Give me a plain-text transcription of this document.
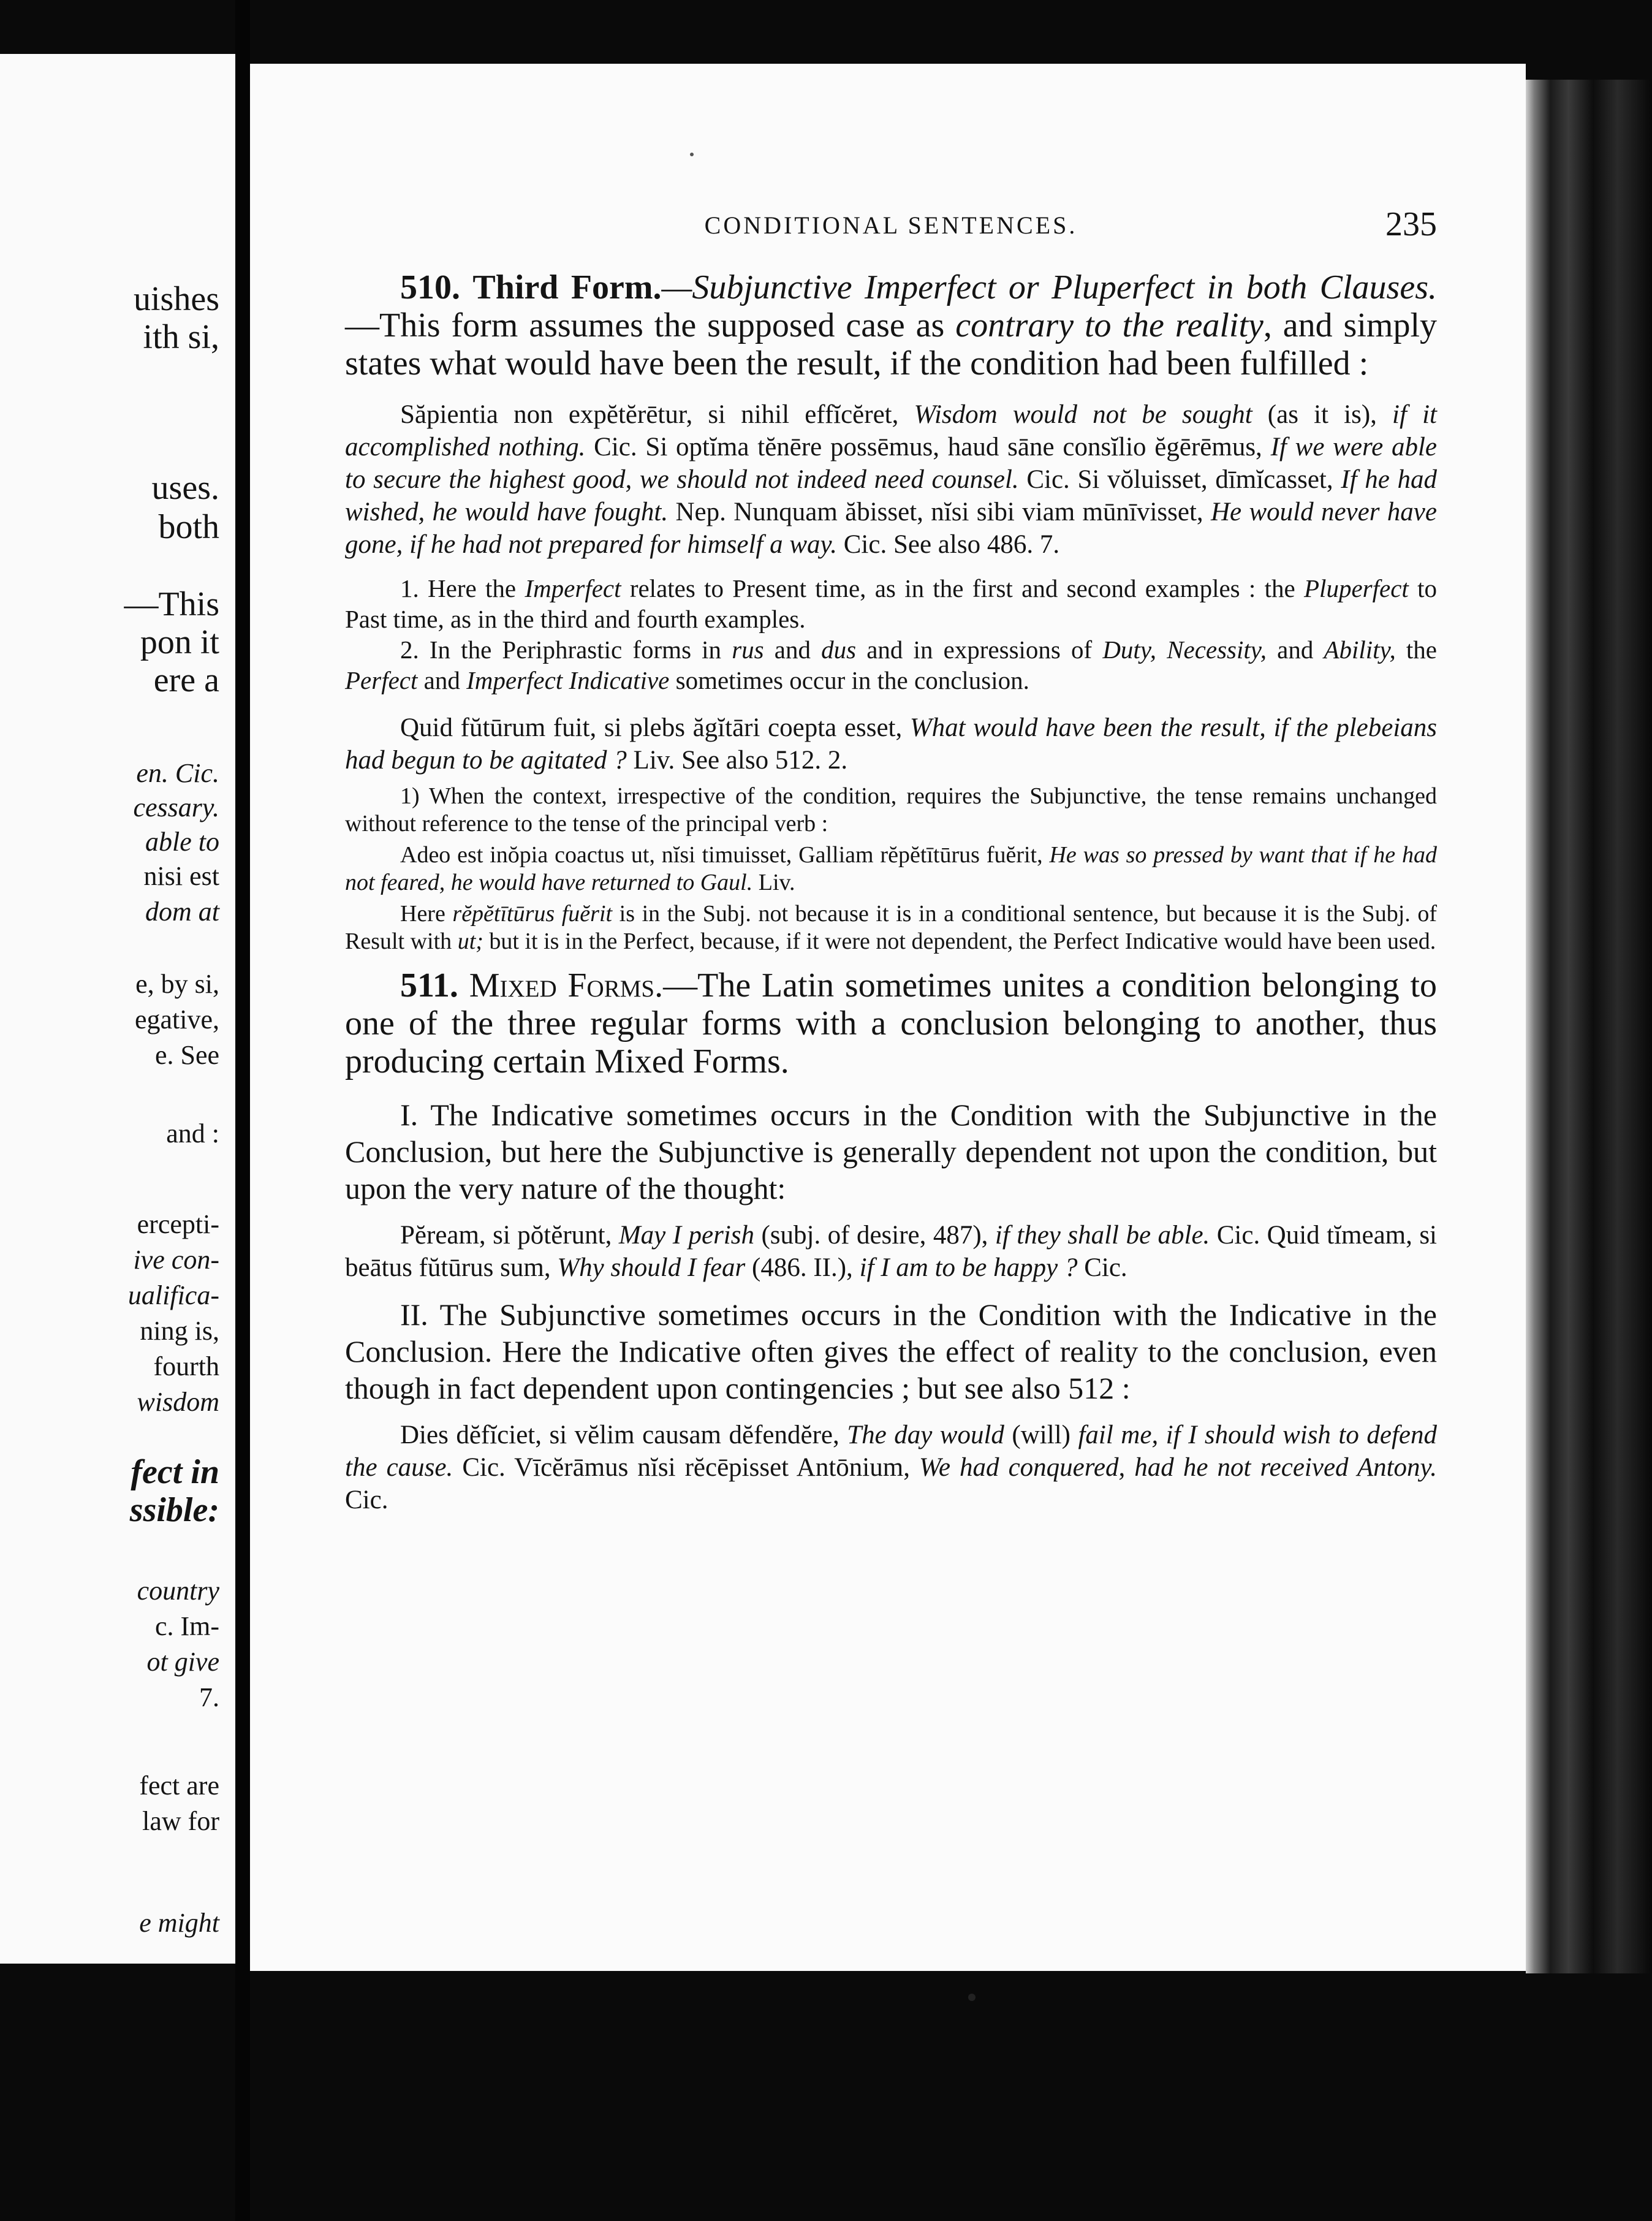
uishes
ith si,
uses.
both
—This
pon it
ere a
en. Cic.
cessary.
able to
nisi est
dom at
e, by si,
egative,
e. See
and :
ercepti-
ive con-
ualifica-
ning is,
fourth
wisdom
fect in
ssible:
country
c. Im-
ot give
7.
fect are
law for
e might
CONDITIONAL SENTENCES.	235

510. Third Form.—Subjunctive Imperfect or Pluperfect in both Clauses.—This form assumes the supposed case as contrary to the reality, and simply states what would have been the result, if the condition had been fulfilled :

Săpientia non expĕtĕrētur, si nihil effĭcĕret, Wisdom would not be sought (as it is), if it accomplished nothing. Cic. Si optĭma tĕnēre possēmus, haud sāne consĭlio ĕgērēmus, If we were able to secure the highest good, we should not indeed need counsel. Cic. Si vŏluisset, dīmĭcasset, If he had wished, he would have fought. Nep. Nunquam ăbisset, nĭsi sibi viam mūnīvisset, He would never have gone, if he had not prepared for himself a way. Cic. See also 486. 7.

1. Here the Imperfect relates to Present time, as in the first and second examples : the Pluperfect to Past time, as in the third and fourth examples.

2. In the Periphrastic forms in rus and dus and in expressions of Duty, Necessity, and Ability, the Perfect and Imperfect Indicative sometimes occur in the conclusion.

Quid fŭtūrum fuit, si plebs ăgĭtāri coepta esset, What would have been the result, if the plebeians had begun to be agitated ? Liv. See also 512. 2.

1) When the context, irrespective of the condition, requires the Subjunctive, the tense remains unchanged without reference to the tense of the principal verb :

Adeo est inŏpia coactus ut, nĭsi timuisset, Galliam rĕpĕtītūrus fuĕrit, He was so pressed by want that if he had not feared, he would have returned to Gaul. Liv.

Here rĕpĕtītūrus fuĕrit is in the Subj. not because it is in a conditional sentence, but because it is the Subj. of Result with ut; but it is in the Perfect, because, if it were not dependent, the Perfect Indicative would have been used.

511. Mixed Forms.—The Latin sometimes unites a condition belonging to one of the three regular forms with a conclusion belonging to another, thus producing certain Mixed Forms.

I. The Indicative sometimes occurs in the Condition with the Subjunctive in the Conclusion, but here the Subjunctive is generally dependent not upon the condition, but upon the very nature of the thought:

Pĕream, si pŏtĕrunt, May I perish (subj. of desire, 487), if they shall be able. Cic. Quid tĭmeam, si beātus fŭtūrus sum, Why should I fear (486. II.), if I am to be happy ? Cic.

II. The Subjunctive sometimes occurs in the Condition with the Indicative in the Conclusion. Here the Indicative often gives the effect of reality to the conclusion, even though in fact dependent upon contingencies ; but see also 512 :

Dies dĕfĭciet, si vĕlim causam dĕfendĕre, The day would (will) fail me, if I should wish to defend the cause. Cic. Vīcĕrāmus nĭsi rĕcēpisset Antōnium, We had conquered, had he not received Antony. Cic.
